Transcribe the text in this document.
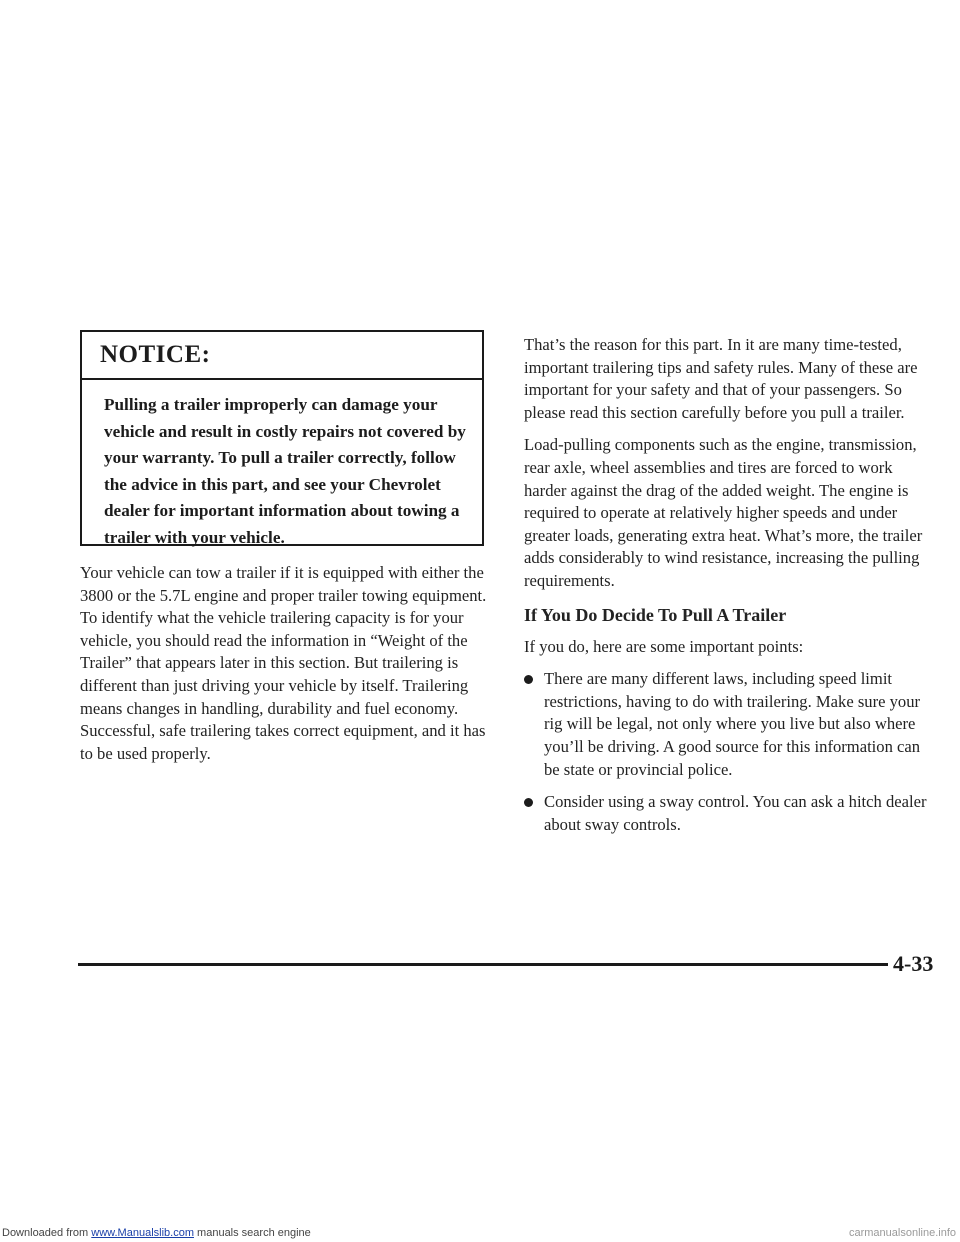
NOTICE:
Pulling a trailer improperly can damage your vehicle and result in costly repairs not covered by your warranty. To pull a trailer correctly, follow the advice in this part, and see your Chevrolet dealer for important information about towing a trailer with your vehicle.

Your vehicle can tow a trailer if it is equipped with either the 3800 or the 5.7L engine and proper trailer towing equipment. To identify what the vehicle trailering capacity is for your vehicle, you should read the information in “Weight of the Trailer” that appears later in this section. But trailering is different than just driving your vehicle by itself. Trailering means changes in handling, durability and fuel economy. Successful, safe trailering takes correct equipment, and it has to be used properly.

That’s the reason for this part. In it are many time-tested, important trailering tips and safety rules. Many of these are important for your safety and that of your passengers. So please read this section carefully before you pull a trailer.

Load-pulling components such as the engine, transmission, rear axle, wheel assemblies and tires are forced to work harder against the drag of the added weight. The engine is required to operate at relatively higher speeds and under greater loads, generating extra heat. What’s more, the trailer adds considerably to wind resistance, increasing the pulling requirements.

If You Do Decide To Pull A Trailer

If you do, here are some important points:

There are many different laws, including speed limit restrictions, having to do with trailering. Make sure your rig will be legal, not only where you live but also where you’ll be driving. A good source for this information can be state or provincial police.
Consider using a sway control. You can ask a hitch dealer about sway controls.
4-33
Downloaded from www.Manualslib.com manuals search engine	carmanualsonline.info
